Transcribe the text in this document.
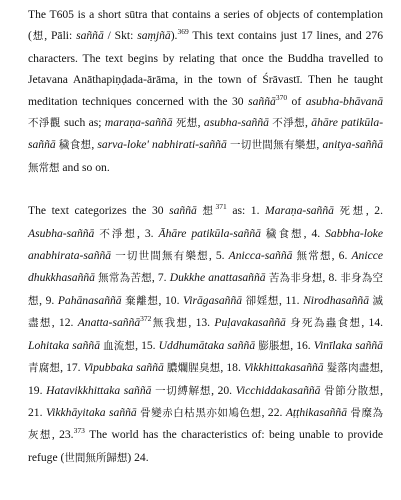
The T605 is a short sūtra that contains a series of objects of contemplation (想, Pāli: saññā / Skt: saṃjñā).$^{369}$ This text contains just 17 lines, and 276 characters. The text begins by relating that once the Buddha travelled to Jetavana Anāthapiṇḍada-ārāma, in the town of Śrāvastī. Then he taught meditation techniques concerned with the 30 saññā$^{370}$ of asubha-bhāvanā 不淨觀 such as; maraṇa-saññā 死想, asubha-saññā 不淨想, āhāre patikūla-saññā 穢食想, sarva-loke' nabhirati-saññā 一切世間無有樂想, anitya-saññā 無常想 and so on.

The text categorizes the 30 saññā 想$^{371}$ as: 1. Maraṇa-saññā 死想, 2. Asubha-saññā 不淨想, 3. Āhāre patikūla-saññā 穢食想, 4. Sabbha-loke anabhirata-saññā 一切世間無有樂想, 5. Anicca-saññā 無常想, 6. Anicce dhukkhasaññā 無常為苦想, 7. Dukkhe anattasaññā 苦為非身想, 8. 非身為空想, 9. Pahānasaññā 棄離想, 10. Virāgasaññā 卻婬想, 11. Nirodhasaññā 滅盡想, 12. Anatta-saññā$^{372}$無我想, 13. Puḷavakasaññā 身死為蟲食想, 14. Lohitaka saññā 血流想, 15. Uddhumātaka saññā 膨脹想, 16. Vinīlaka saññā 青腐想, 17. Vipubbaka saññā 膿爛腥臭想, 18. Vikkhittakasaññā 髮落肉盡想, 19. Hatavikkhittaka saññā 一切縛解想, 20. Vicchiddakasaññā 骨節分散想, 21. Vikkhāyitaka saññā 骨變赤白枯黑亦如鳩色想, 22. Aṭṭhikasaññā 骨糜為灰想, 23.$^{373}$ The world has the characteristics of: being unable to provide refuge (世間無所歸想) 24.
